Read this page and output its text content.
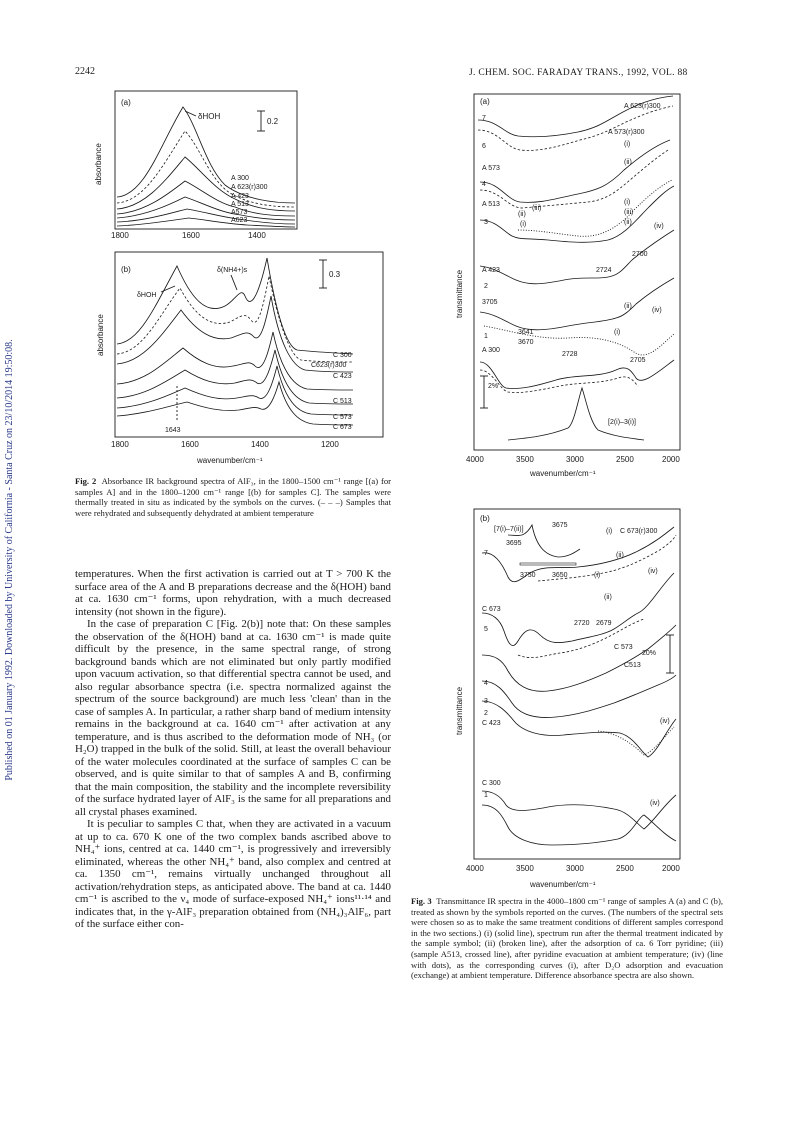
2242	J. CHEM. SOC. FARADAY TRANS., 1992, VOL. 88
Published on 01 January 1992. Downloaded by University of California - Santa Cruz on 23/10/2014 19:50:08.
(a)
absorbance
0.2
δHOH
A 300
A 623(r)300
A 423
A 513
A573
A623
1800	1600	1400
(b)
absorbance
0.3
δ(NH4+)s
δHOH
1643
C 300
C623(r)300
C 423
C 513
C 573
C 673
1800	1600	1400	1200
wavenumber/cm⁻¹
Fig. 2 Absorbance IR background spectra of AlF₃, in the 1800–1500 cm⁻¹ range [(a) for samples A] and in the 1800–1200 cm⁻¹ range [(b) for samples C]. The samples were thermally treated in situ as indicated by the symbols on the curves. (– – –) Samples that were rehydrated and subsequently dehydrated at ambient temperature

temperatures. When the first activation is carried out at T > 700 K the surface area of the A and B preparations decrease and the δ(HOH) band at ca. 1630 cm⁻¹ forms, upon rehydration, with a much decreased intensity (not shown in the figure).

In the case of preparation C [Fig. 2(b)] note that: On these samples the observation of the δ(HOH) band at ca. 1630 cm⁻¹ is made quite difficult by the presence, in the same spectral range, of strong background bands which are not eliminated but only partly modified upon vacuum activation, so that differential spectra cannot be used, and also regular absorbance spectra (i.e. spectra normalized against the spectrum of the source background) are much less 'clean' than in the case of samples A. In particular, a rather sharp band of medium intensity remains in the background at ca. 1640 cm⁻¹ after activation at any temperature, and is thus ascribed to the deformation mode of NH₃ (or H₂O) trapped in the bulk of the solid. Still, at least the overall behaviour of the water molecules coordinated at the surface of samples C can be observed, and is quite similar to that of samples A and B, confirming that the main composition, the stability and the incomplete reversibility of the surface hydrated layer of AlF₃ is the same for all preparations and all crystal phases examined.

It is peculiar to samples C that, when they are activated in a vacuum at up to ca. 670 K one of the two complex bands ascribed above to NH₄⁺ ions, centred at ca. 1440 cm⁻¹, is progressively and irreversibly eliminated, whereas the other NH₄⁺ band, also complex and centred at ca. 1350 cm⁻¹, remains virtually unchanged throughout all activation/rehydration steps, as anticipated above. The band at ca. 1440 cm⁻¹ is ascribed to the ν₄ mode of surface-exposed NH₄⁺ ions¹¹·¹⁴ and indicates that, in the γ-AlF₃ preparation obtained from (NH₄)₃AlF₆, part of the surface either con-

(a)
transmittance
A 623(r)300
A 573(r)300
(i)
(ii)
7
6
A 573
4
A 513
(iii)
(i)
(iii)
(ii)
(iv)
3
(ii)
(i)
2700
A 423	2724
2
3705
(ii)
(iv)
1
3641
3670
(i)
A 300
2728
2705
[2(i)–3(i)]
2%
4000	3500	3000	2500	2000
wavenumber/cm⁻¹
(b)
transmittance
[7(i)–7(ii)]
3675
3695
(i) C 673(r)300
7	(ii)
3750 3650	(i)
(iv)
C 673
(ii)
2720 2679
5
C 573
C513
4
3
2
(iv)
C 423
C 300
1
(iv)
20%
4000	3500	3000	2500	2000
wavenumber/cm⁻¹
Fig. 3 Transmittance IR spectra in the 4000–1800 cm⁻¹ range of samples A (a) and C (b), treated as shown by the symbols reported on the curves. (The numbers of the spectral sets were chosen so as to make the same treatment conditions of different samples correspond in the two sections.) (i) (solid line), spectrum run after the thermal treatment indicated by the sample symbol; (ii) (broken line), after the adsorption of ca. 6 Torr pyridine; (iii) (sample A513, crossed line), after pyridine evacuation at ambient temperature; (iv) (line with dots), as the corresponding curves (i), after D₂O adsorption and evacuation (exchange) at ambient temperature. Difference absorbance spectra are also shown.
